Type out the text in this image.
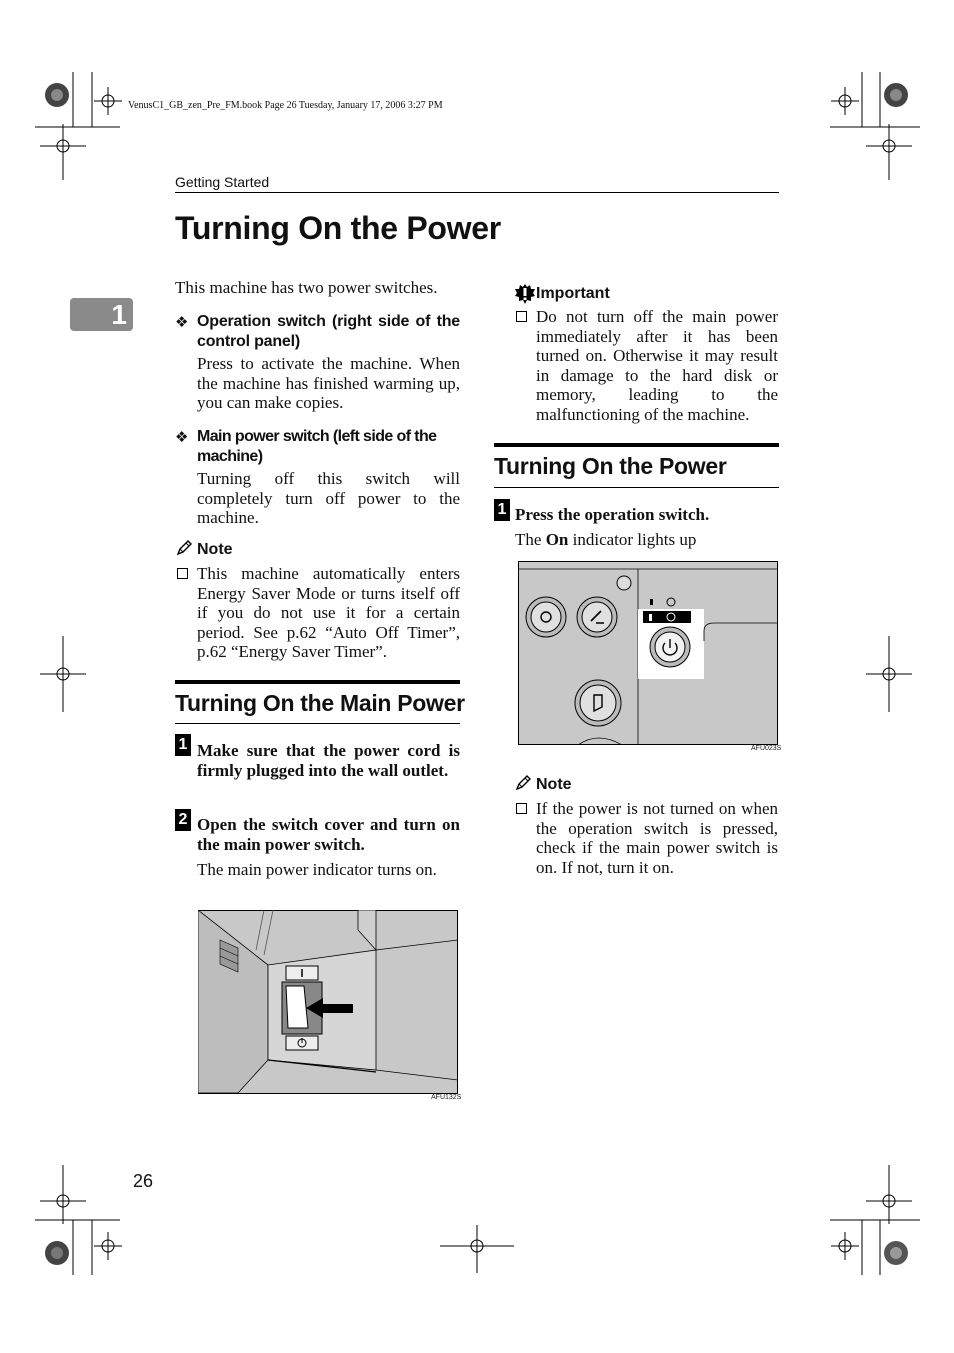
VenusC1_GB_zen_Pre_FM.book Page 26 Tuesday, January 17, 2006 3:27 PM
Getting Started
Turning On the Power
1
This machine has two power switches.
❖ Operation switch (right side of the control panel)
Press to activate the machine. When the machine has finished warming up, you can make copies.
❖ Main power switch (left side of the machine)
Turning off this switch will completely turn off power to the machine.
Note
This machine automatically enters Energy Saver Mode or turns itself off if you do not use it for a certain period. See p.62 “Auto Off Timer”, p.62 “Energy Saver Timer”.
Turning On the Main Power
1 Make sure that the power cord is firmly plugged into the wall outlet.
2 Open the switch cover and turn on the main power switch.
The main power indicator turns on.
AFU132S
Important
Do not turn off the main power immediately after it has been turned on. Otherwise it may result in damage to the hard disk or memory, leading to the malfunctioning of the machine.
Turning On the Power
1 Press the operation switch.
The On indicator lights up
AFU023S
Note
If the power is not turned on when the operation switch is pressed, check if the main power switch is on. If not, turn it on.
26
